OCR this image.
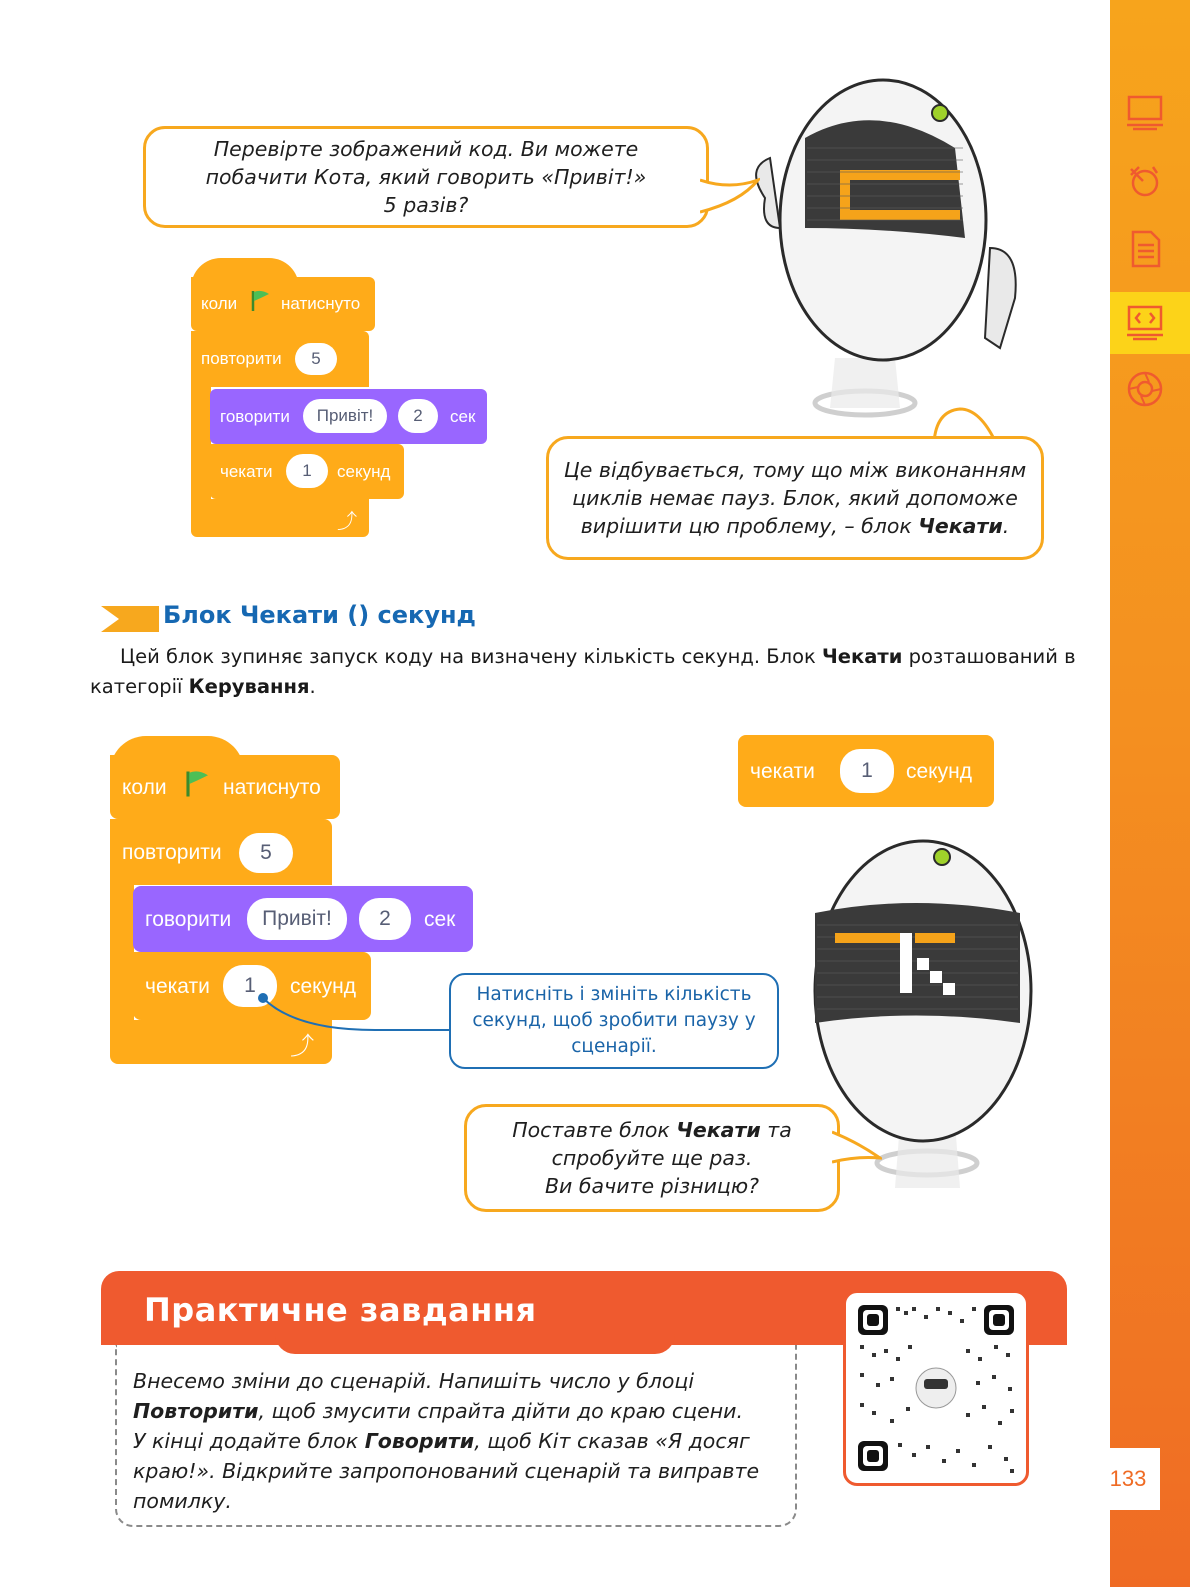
133
Перевірте зображений код. Ви можете
побачити Кота, який говорить «Привіт!»
5 разів?
коли	натиснуто
повторити	5
говорити	Привіт!	2	сек
чекати	1	секунд
⤴
Це відбувається, тому що між виконанням
циклів немає пауз. Блок, який допоможе
вирішити цю проблему, – блок Чекати.
Блок Чекати () секунд
Цей блок зупиняє запуск коду на визначену кількість секунд. Блок Чекати розташований в категорії Керування.
коли	натиснуто
повторити	5
говорити	Привіт!	2	сек
чекати	1	секунд
⤴
чекати	1	секунд
Натисніть і змініть кількість
секунд, щоб зробити паузу у
сценарії.
Поставте блок Чекати та
спробуйте ще раз.
Ви бачите різницю?
Практичне завдання
Внесемо зміни до сценарій. Напишіть число у блоці
Повторити, щоб змусити спрайта дійти до краю сцени.
У кінці додайте блок Говорити, щоб Кіт сказав «Я досяг
краю!». Відкрийте запропонований сценарій та виправте
помилку.
